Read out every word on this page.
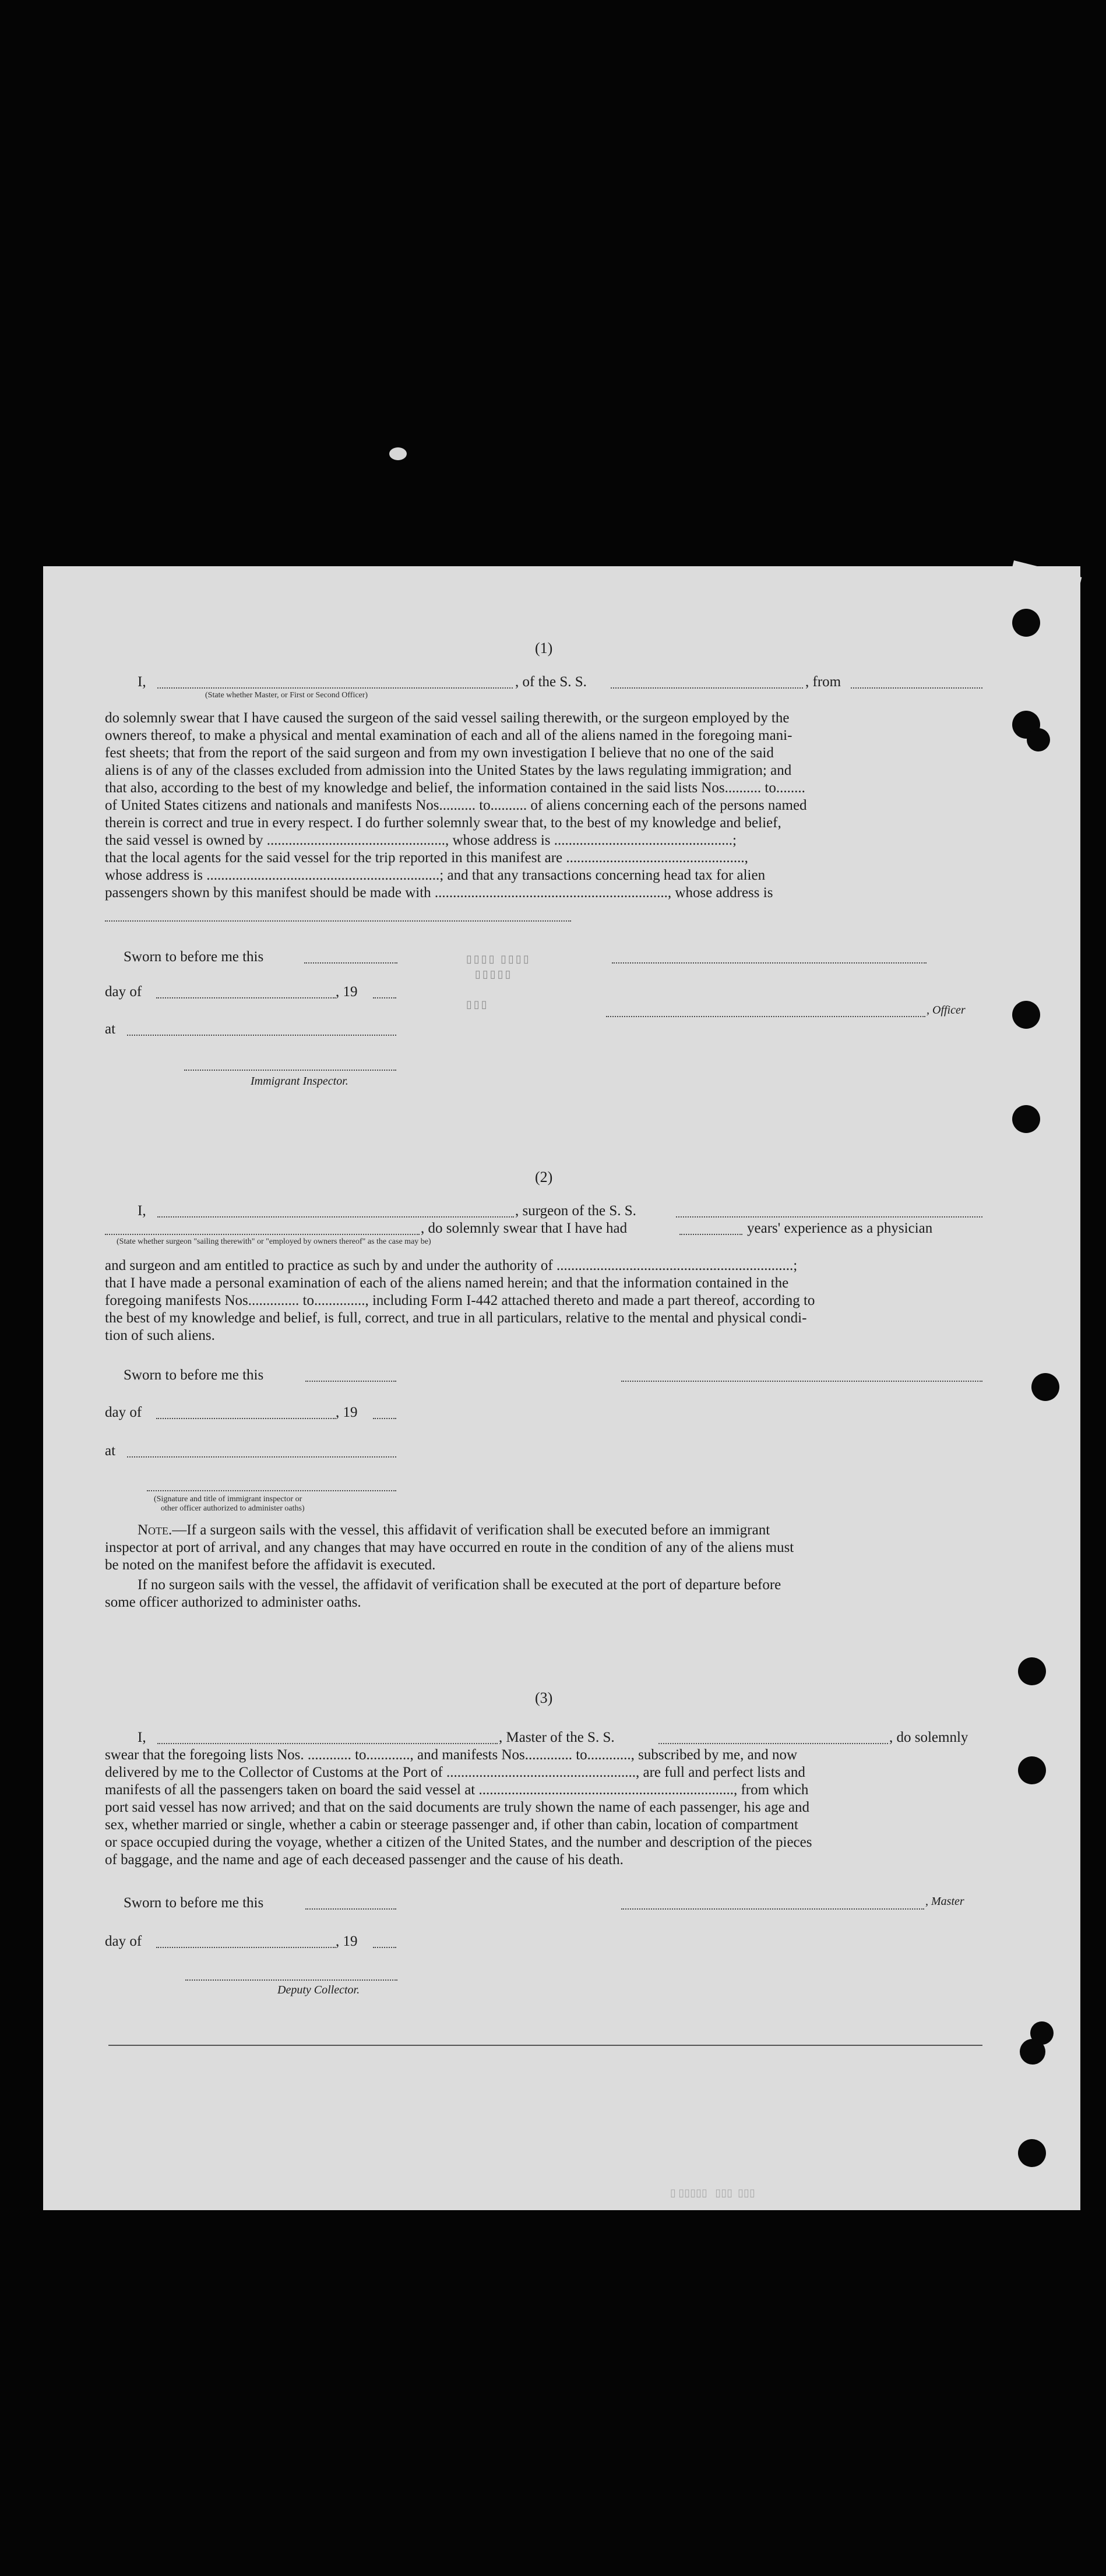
(1)
I,	, of the S. S.	, from
(State whether Master, or First or Second Officer)
do solemnly swear that I have caused the surgeon of the said vessel sailing therewith, or the surgeon employed by the
owners thereof, to make a physical and mental examination of each and all of the aliens named in the foregoing mani-
fest sheets; that from the report of the said surgeon and from my own investigation I believe that no one of the said
aliens is of any of the classes excluded from admission into the United States by the laws regulating immigration; and
that also, according to the best of my knowledge and belief, the information contained in the said lists Nos.......... to........
of United States citizens and nationals and manifests Nos.......... to.......... of aliens concerning each of the persons named
therein is correct and true in every respect. I do further solemnly swear that, to the best of my knowledge and belief,
the said vessel is owned by ................................................., whose address is .................................................;
that the local agents for the said vessel for the trip reported in this manifest are .................................................,
whose address is ................................................................; and that any transactions concerning head tax for alien
passengers shown by this manifest should be made with ................................................................, whose address is
Sworn to before me this
day of	, 19
, Officer
at
Immigrant Inspector.
▯▯▯▯ ▯▯▯▯
▯▯▯▯▯
▯▯▯
(2)
I,	, surgeon of the S. S.
, do solemnly swear that I have had	years' experience as a physician
(State whether surgeon "sailing therewith" or "employed by owners thereof" as the case may be)
and surgeon and am entitled to practice as such by and under the authority of .................................................................;
that I have made a personal examination of each of the aliens named herein; and that the information contained in the
foregoing manifests Nos.............. to.............., including Form I-442 attached thereto and made a part thereof, according to
the best of my knowledge and belief, is full, correct, and true in all particulars, relative to the mental and physical condi-
tion of such aliens.
Sworn to before me this
day of	, 19
at
(Signature and title of immigrant inspector or
other officer authorized to administer oaths)
Note.—If a surgeon sails with the vessel, this affidavit of verification shall be executed before an immigrant
inspector at port of arrival, and any changes that may have occurred en route in the condition of any of the aliens must
be noted on the manifest before the affidavit is executed.
If no surgeon sails with the vessel, the affidavit of verification shall be executed at the port of departure before
some officer authorized to administer oaths.
(3)
I,	, Master of the S. S.	, do solemnly
swear that the foregoing lists Nos. ............ to............, and manifests Nos............. to............, subscribed by me, and now
delivered by me to the Collector of Customs at the Port of ...................................................., are full and perfect lists and
manifests of all the passengers taken on board the said vessel at ......................................................................, from which
port said vessel has now arrived; and that on the said documents are truly shown the name of each passenger, his age and
sex, whether married or single, whether a cabin or steerage passenger and, if other than cabin, location of compartment
or space occupied during the voyage, whether a citizen of the United States, and the number and description of the pieces
of baggage, and the name and age of each deceased passenger and the cause of his death.
Sworn to before me this	, Master
day of	, 19
Deputy Collector.
▯ ▯▯▯▯▯   ▯▯▯  ▯▯▯
